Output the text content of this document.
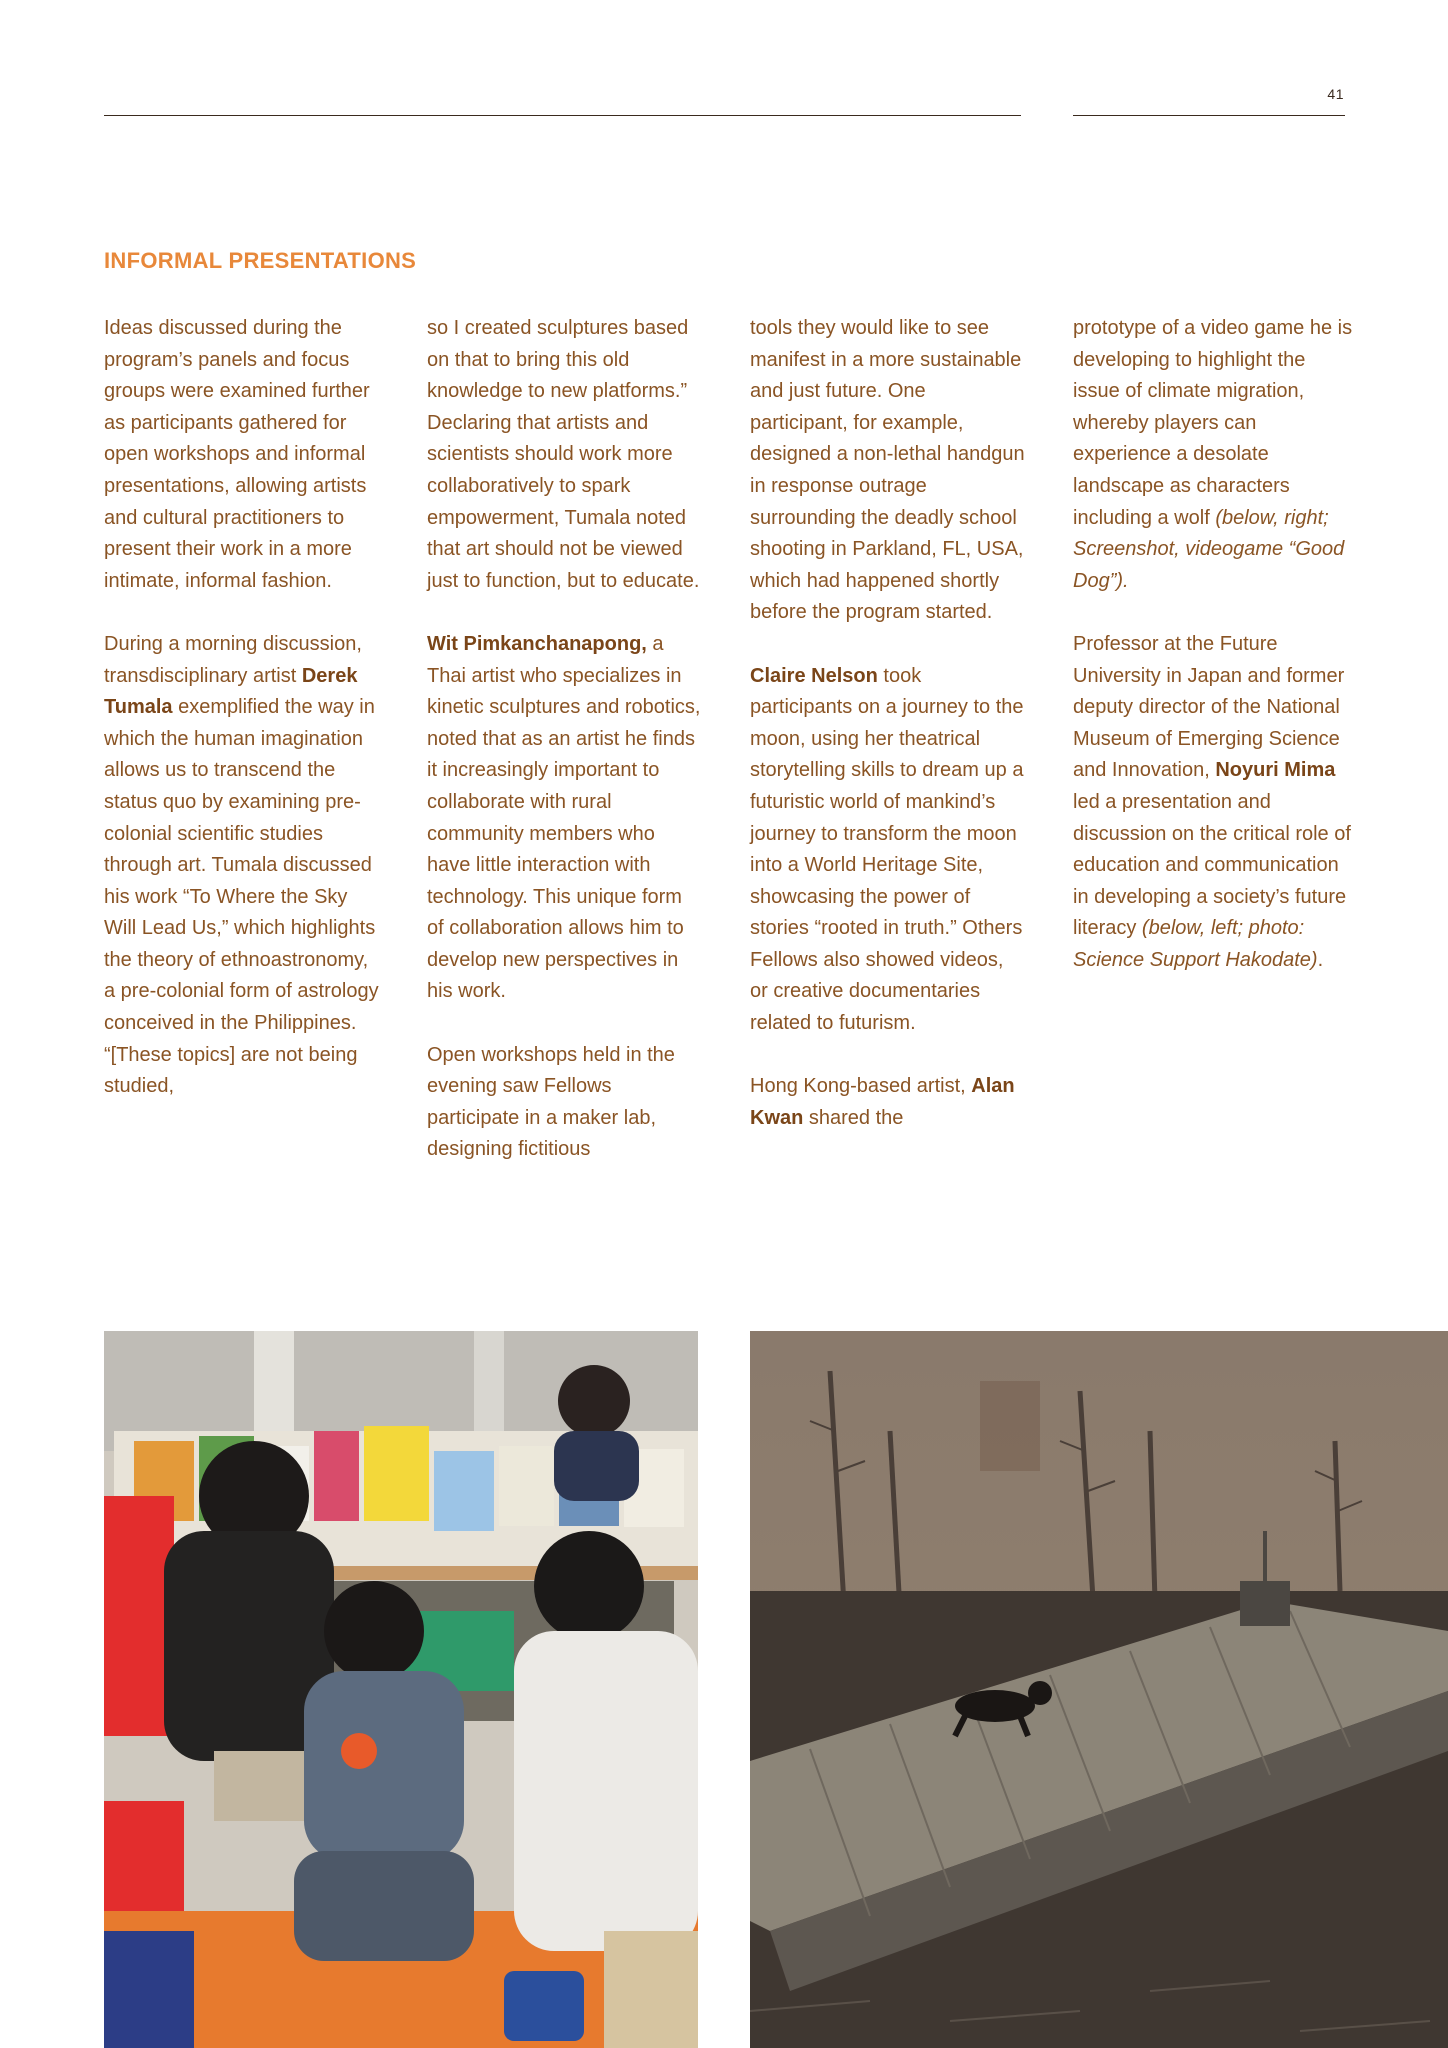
41
INFORMAL PRESENTATIONS

Ideas discussed during the program’s panels and focus groups were examined further as participants gathered for open workshops and informal presentations, allowing artists and cultural practitioners to present their work in a more intimate, informal fashion.

During a morning discussion, transdisciplinary artist Derek Tumala exemplified the way in which the human imagination allows us to transcend the status quo by examining pre-colonial scientific studies through art. Tumala discussed his work “To Where the Sky Will Lead Us,” which highlights the theory of ethnoastronomy, a pre-colonial form of astrology conceived in the Philippines. “[These topics] are not being studied,

so I created sculptures based on that to bring this old knowledge to new platforms.” Declaring that artists and scientists should work more collaboratively to spark empowerment, Tumala noted that art should not be viewed just to function, but to educate.

Wit Pimkanchanapong, a Thai artist who specializes in kinetic sculptures and robotics, noted that as an artist he finds it increasingly important to collaborate with rural community members who have little interaction with technology. This unique form of collaboration allows him to develop new perspectives in his work.

Open workshops held in the evening saw Fellows participate in a maker lab, designing fictitious

tools they would like to see manifest in a more sustainable and just future. One participant, for example, designed a non-lethal handgun in response outrage surrounding the deadly school shooting in Parkland, FL, USA, which had happened shortly before the program started.

Claire Nelson took participants on a journey to the moon, using her theatrical storytelling skills to dream up a futuristic world of mankind’s journey to transform the moon into a World Heritage Site, showcasing the power of stories “rooted in truth.” Others Fellows also showed videos, or creative documentaries related to futurism.

Hong Kong-based artist, Alan Kwan shared the

prototype of a video game he is developing to highlight the issue of climate migration, whereby players can experience a desolate landscape as characters including a wolf (below, right; Screenshot, videogame “Good Dog”).

Professor at the Future University in Japan and former deputy director of the National Museum of Emerging Science and Innovation, Noyuri Mima led a presentation and discussion on the critical role of education and communication in developing a society’s future literacy (below, left; photo: Science Support Hakodate).
